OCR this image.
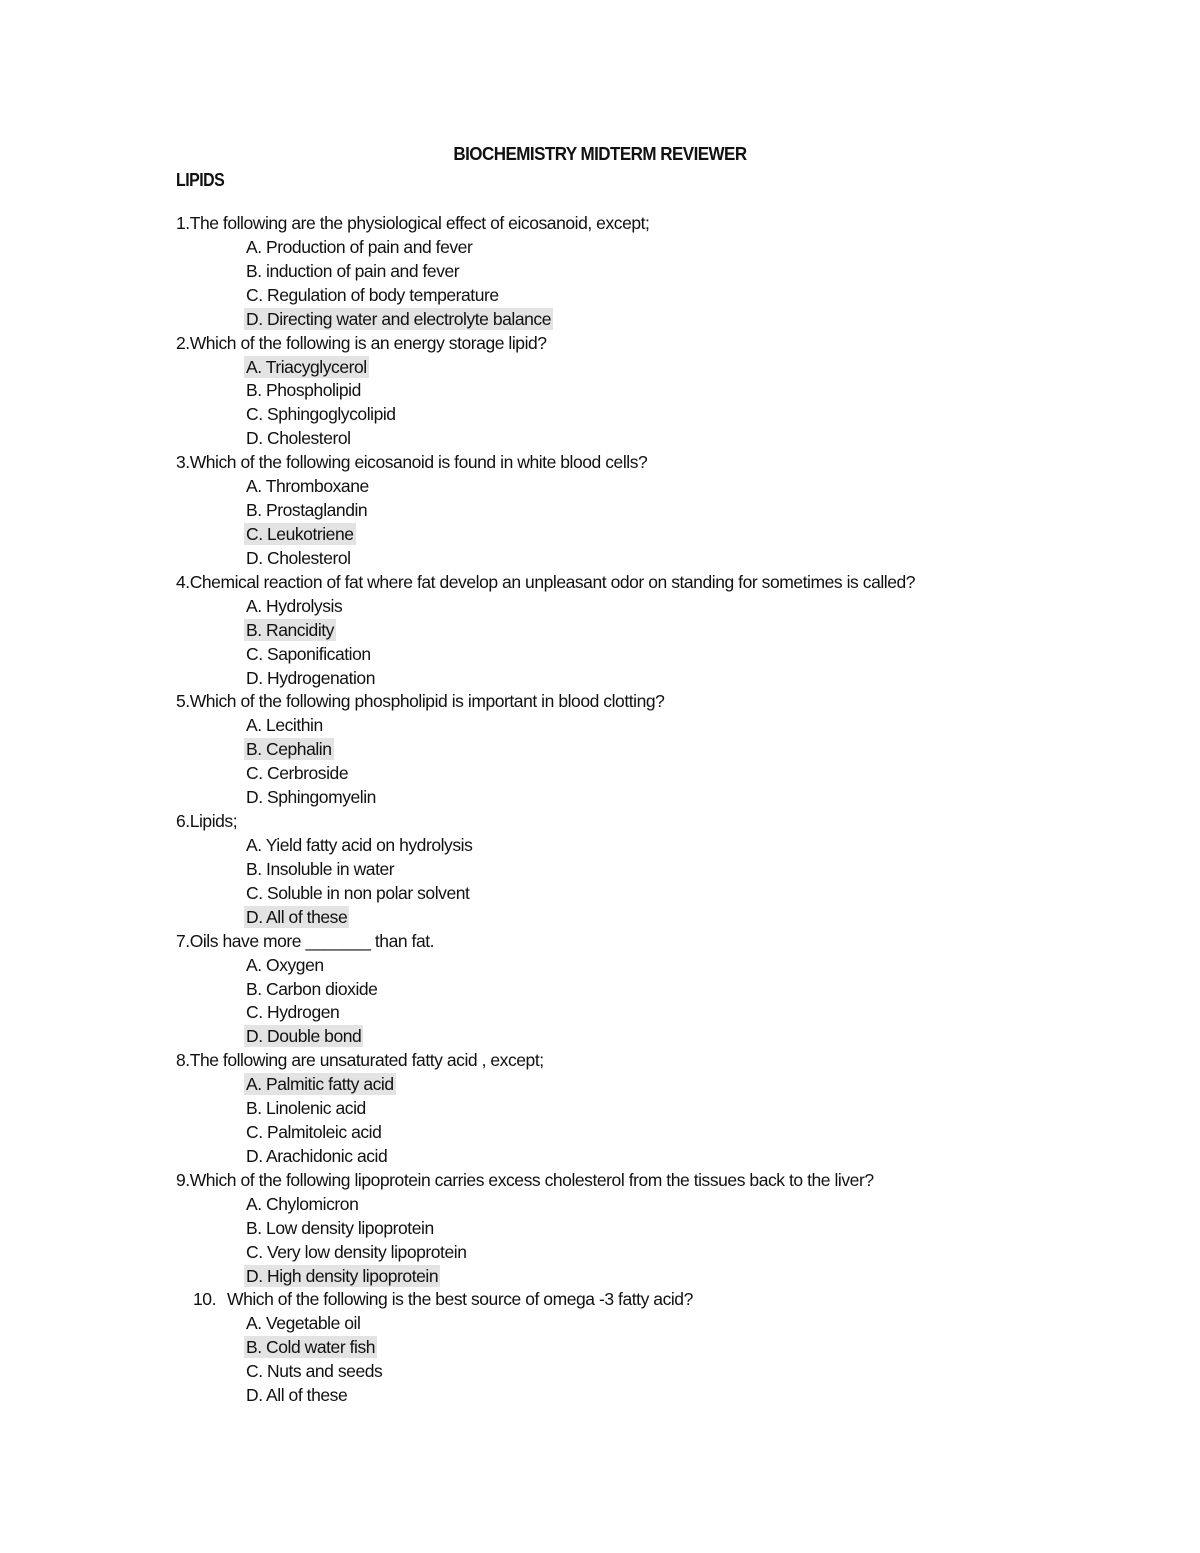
BIOCHEMISTRY MIDTERM REVIEWER
LIPIDS
1.The following are the physiological effect of eicosanoid, except;
A. Production of pain and fever
B. induction of pain and fever
C. Regulation of body temperature
D. Directing water and electrolyte balance
2.Which of the following is an energy storage lipid?
A. Triacyglycerol
B. Phospholipid
C. Sphingoglycolipid
D. Cholesterol
3.Which of the following eicosanoid is found in white blood cells?
A. Thromboxane
B. Prostaglandin
C. Leukotriene
D. Cholesterol
4.Chemical reaction of fat where fat develop an unpleasant odor on standing for sometimes is called?
A. Hydrolysis
B. Rancidity
C. Saponification
D. Hydrogenation
5.Which of the following phospholipid is important in blood clotting?
A. Lecithin
B. Cephalin
C. Cerbroside
D. Sphingomyelin
6.Lipids;
A. Yield fatty acid on hydrolysis
B. Insoluble in water
C. Soluble in non polar solvent
D. All of these
7.Oils have more _______ than fat.
A. Oxygen
B. Carbon dioxide
C. Hydrogen
D. Double bond
8.The following are unsaturated fatty acid , except;
A. Palmitic fatty acid
B. Linolenic acid
C. Palmitoleic acid
D. Arachidonic acid
9.Which of the following lipoprotein carries excess cholesterol from the tissues back to the liver?
A. Chylomicron
B. Low density lipoprotein
C. Very low density lipoprotein
D. High density lipoprotein
10. Which of the following is the best source of omega -3 fatty acid?
A. Vegetable oil
B. Cold water fish
C. Nuts and seeds
D. All of these
